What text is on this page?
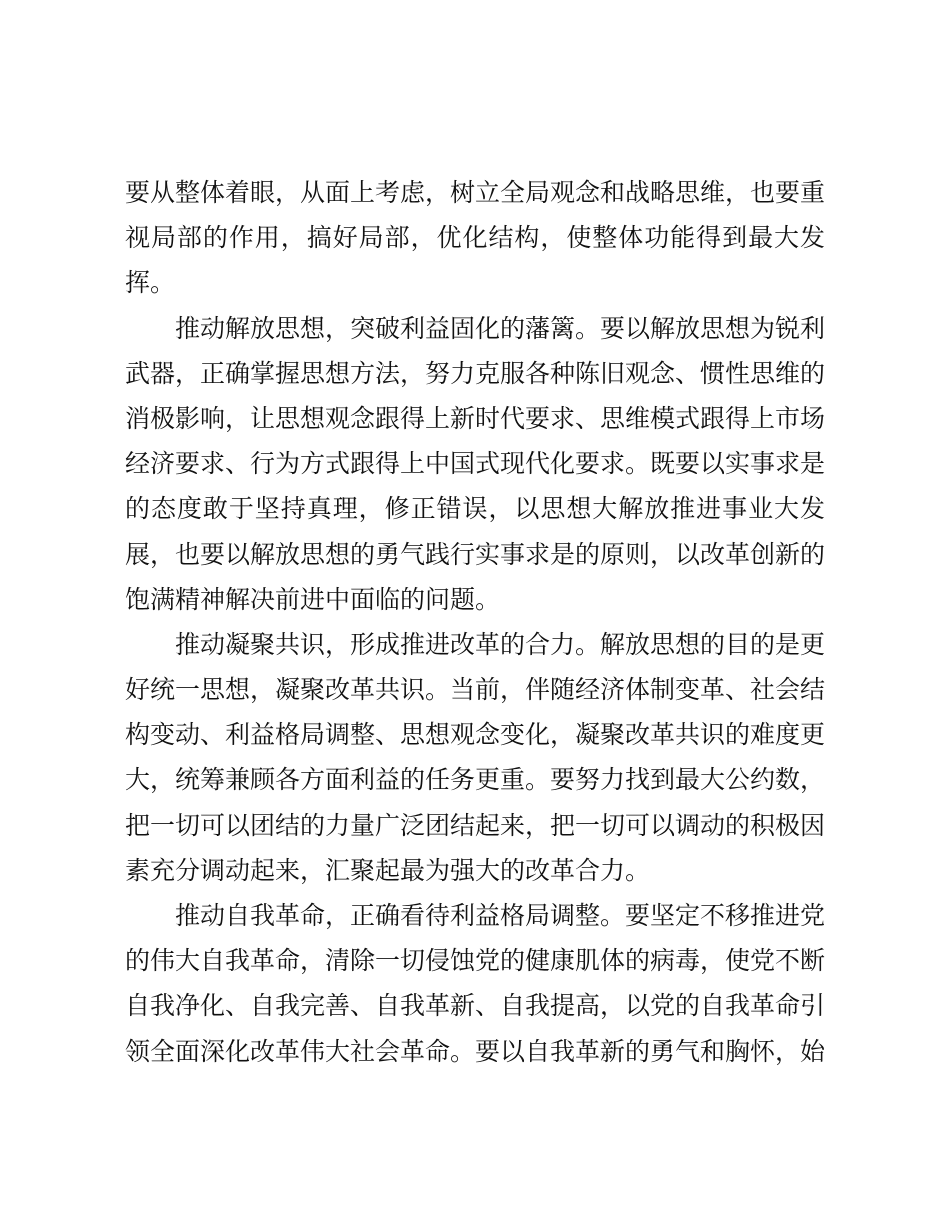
要从整体着眼，从面上考虑，树立全局观念和战略思维，也要重
视局部的作用，搞好局部，优化结构，使整体功能得到最大发
挥。
推动解放思想，突破利益固化的藩篱。要以解放思想为锐利
武器，正确掌握思想方法，努力克服各种陈旧观念、惯性思维的
消极影响，让思想观念跟得上新时代要求、思维模式跟得上市场
经济要求、行为方式跟得上中国式现代化要求。既要以实事求是
的态度敢于坚持真理，修正错误，以思想大解放推进事业大发
展，也要以解放思想的勇气践行实事求是的原则，以改革创新的
饱满精神解决前进中面临的问题。
推动凝聚共识，形成推进改革的合力。解放思想的目的是更
好统一思想，凝聚改革共识。当前，伴随经济体制变革、社会结
构变动、利益格局调整、思想观念变化，凝聚改革共识的难度更
大，统筹兼顾各方面利益的任务更重。要努力找到最大公约数，
把一切可以团结的力量广泛团结起来，把一切可以调动的积极因
素充分调动起来，汇聚起最为强大的改革合力。
推动自我革命，正确看待利益格局调整。要坚定不移推进党
的伟大自我革命，清除一切侵蚀党的健康肌体的病毒，使党不断
自我净化、自我完善、自我革新、自我提高，以党的自我革命引
领全面深化改革伟大社会革命。要以自我革新的勇气和胸怀，始
